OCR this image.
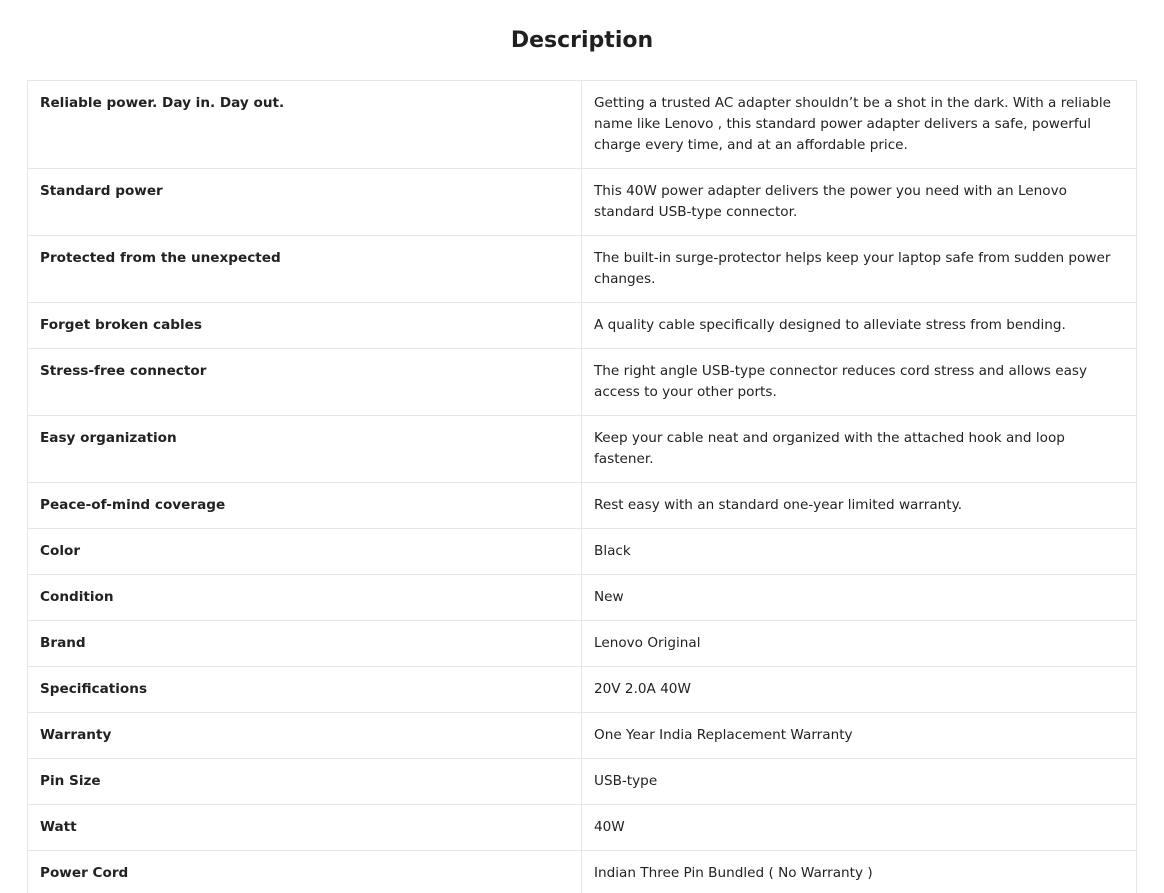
Description
Reliable power. Day in. Day out.	Getting a trusted AC adapter shouldn’t be a shot in the dark. With a reliable name like Lenovo , this standard power adapter delivers a safe, powerful charge every time, and at an affordable price.
Standard power	This 40W power adapter delivers the power you need with an Lenovo standard USB-type connector.
Protected from the unexpected	The built-in surge-protector helps keep your laptop safe from sudden power changes.
Forget broken cables	A quality cable specifically designed to alleviate stress from bending.
Stress-free connector	The right angle USB-type connector reduces cord stress and allows easy access to your other ports.
Easy organization	Keep your cable neat and organized with the attached hook and loop fastener.
Peace-of-mind coverage	Rest easy with an standard one-year limited warranty.
Color	Black
Condition	New
Brand	Lenovo Original
Specifications	20V 2.0A 40W
Warranty	One Year India Replacement Warranty
Pin Size	USB-type
Watt	40W
Power Cord	Indian Three Pin Bundled ( No Warranty )
